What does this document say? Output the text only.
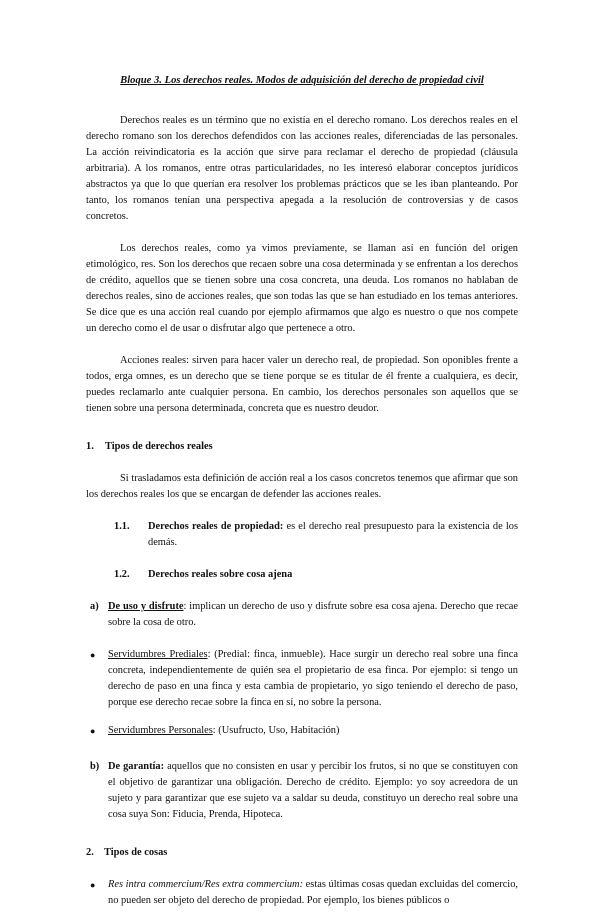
Bloque 3. Los derechos reales. Modos de adquisición del derecho de propiedad civil

Derechos reales es un término que no existía en el derecho romano. Los derechos reales en el derecho romano son los derechos defendidos con las acciones reales, diferenciadas de las personales. La acción reivindicatoria es la acción que sirve para reclamar el derecho de propiedad (cláusula arbitraria). A los romanos, entre otras particularidades, no les interesó elaborar conceptos jurídicos abstractos ya que lo que querían era resolver los problemas prácticos que se les iban planteando. Por tanto, los romanos tenían una perspectiva apegada a la resolución de controversias y de casos concretos.

Los derechos reales, como ya vimos previamente, se llaman así en función del origen etimológico, res. Son los derechos que recaen sobre una cosa determinada y se enfrentan a los derechos de crédito, aquellos que se tienen sobre una cosa concreta, una deuda. Los romanos no hablaban de derechos reales, sino de acciones reales, que son todas las que se han estudiado en los temas anteriores. Se dice que es una acción real cuando por ejemplo afirmamos que algo es nuestro o que nos compete un derecho como el de usar o disfrutar algo que pertenece a otro.

Acciones reales: sirven para hacer valer un derecho real, de propiedad. Son oponibles frente a todos, erga omnes, es un derecho que se tiene porque se es titular de él frente a cualquiera, es decir, puedes reclamarlo ante cualquier persona. En cambio, los derechos personales son aquellos que se tienen sobre una persona determinada, concreta que es nuestro deudor.

1.	Tipos de derechos reales

Si trasladamos esta definición de acción real a los casos concretos tenemos que afirmar que son los derechos reales los que se encargan de defender las acciones reales.

1.1.	Derechos reales de propiedad: es el derecho real presupuesto para la existencia de los demás.
1.2.	Derechos reales sobre cosa ajena
a) De uso y disfrute: implican un derecho de uso y disfrute sobre esa cosa ajena. Derecho que recae sobre la cosa de otro.
●	Servidumbres Prediales: (Predial: finca, inmueble). Hace surgir un derecho real sobre una finca concreta, independientemente de quién sea el propietario de esa finca. Por ejemplo: si tengo un derecho de paso en una finca y esta cambia de propietario, yo sigo teniendo el derecho de paso, porque ese derecho recae sobre la finca en sí, no sobre la persona.
●	Servidumbres Personales: (Usufructo, Uso, Habitación)
b) De garantía: aquellos que no consisten en usar y percibir los frutos, si no que se constituyen con el objetivo de garantizar una obligación. Derecho de crédito. Ejemplo: yo soy acreedora de un sujeto y para garantizar que ese sujeto va a saldar su deuda, constituyo un derecho real sobre una cosa suya Son: Fiducia, Prenda, Hipoteca.
2. Tipos de cosas
●	Res intra commercium/Res extra commercium: estas últimas cosas quedan excluidas del comercio, no pueden ser objeto del derecho de propiedad. Por ejemplo, los bienes públicos o
